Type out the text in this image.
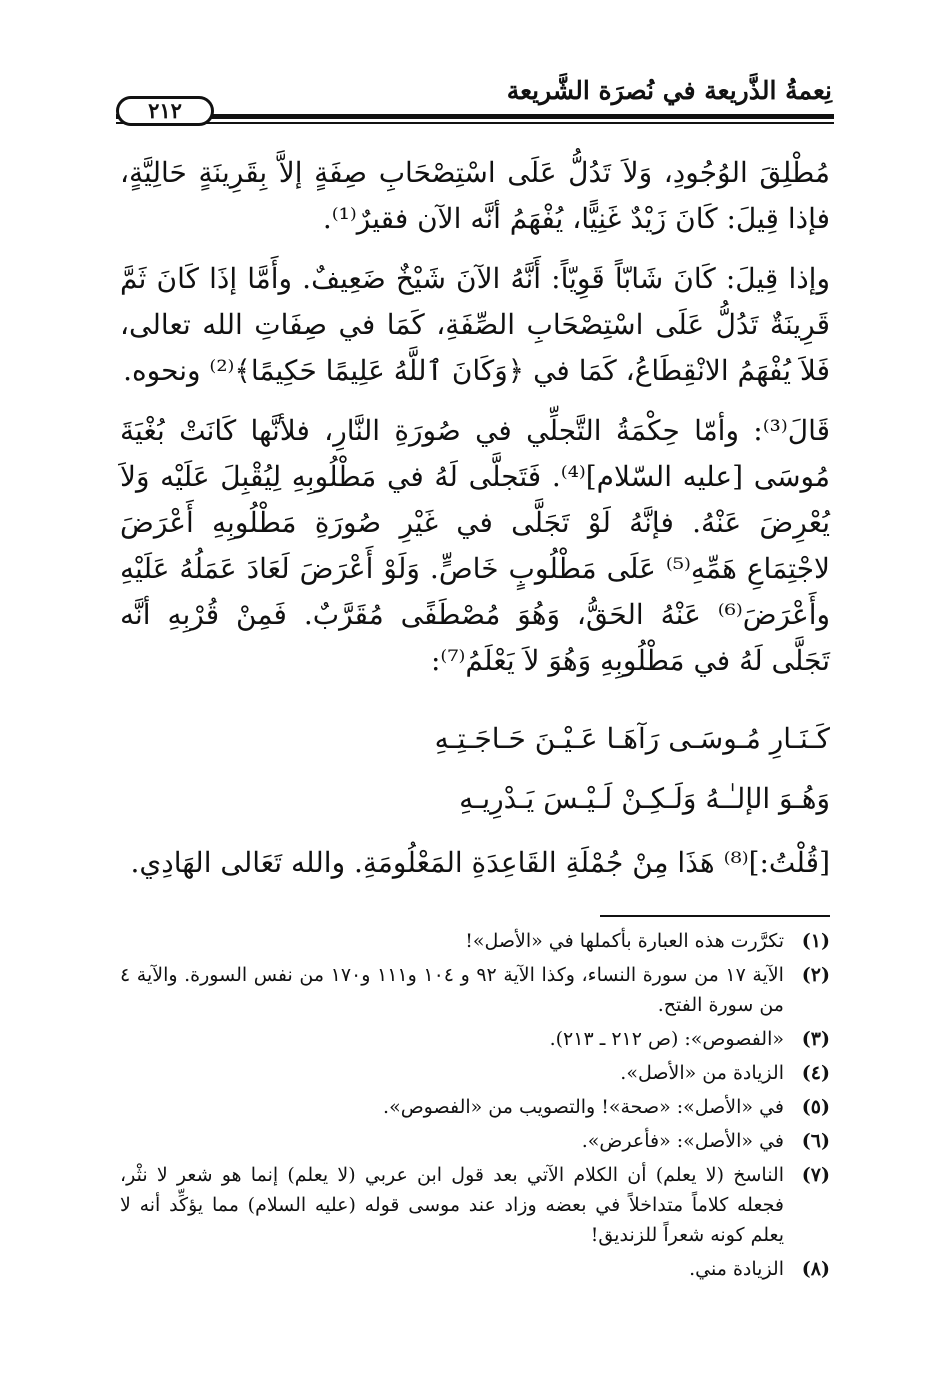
نِعمةُ الذَّريعة في نُصرَة الشَّريعة
٢١٢

مُطْلِقَ الوُجُودِ، وَلاَ تَدُلُّ عَلَى اسْتِصْحَابِ صِفَةٍ إلاَّ بِقَرِينَةٍ حَالِيَّةٍ، فإذا قِيلَ: كَانَ زَيْدٌ غَنِيًّا، يُفْهَمُ أنَّه الآن فقيرٌ⁽¹⁾.

وإذا قِيلَ: كَانَ شَابّاً قَوِيّاً: أَنَّهُ الآنَ شَيْخٌ ضَعِيفٌ. وأَمَّا إذَا كَانَ ثَمَّ قَرِينَةٌ تَدُلُّ عَلَى اسْتِصْحَابِ الصِّفَةِ، كَمَا في صِفَاتِ الله تعالى، فَلاَ يُفْهَمُ الانْقِطَاعُ، كَمَا في ﴿وَكَانَ ٱللَّهُ عَلِيمًا حَكِيمًا﴾⁽²⁾ ونحوه.

قَالَ⁽³⁾: وأمّا حِكْمَةُ التَّجلِّي في صُورَةِ النَّارِ، فلأنَّها كَانَتْ بُغْيَةَ مُوسَى [عليه السّلام]⁽⁴⁾. فَتَجلَّى لَهُ في مَطْلُوبِهِ لِيُقْبِلَ عَلَيْه وَلاَ يُعْرِضَ عَنْهُ. فإنَّهُ لَوْ تَجَلَّى في غَيْرِ صُورَةِ مَطْلُوبِهِ أَعْرَضَ لاجْتِمَاعِ هَمِّهِ⁽⁵⁾ عَلَى مَطْلُوبٍ خَاصٍّ. وَلَوْ أَعْرَضَ لَعَادَ عَمَلُهُ عَلَيْهِ وأَعْرَضَ⁽⁶⁾ عَنْهُ الحَقُّ، وَهُوَ مُصْطَفًى مُقَرَّبٌ. فَمِنْ قُرْبِهِ أنَّه تَجَلَّى لَهُ في مَطْلُوبِهِ وَهُوَ لاَ يَعْلَمُ⁽⁷⁾:

كَـنَـارِ مُـوسَـى رَآهَـا عَـيْـنَ حَـاجَـتِـهِ
وَهُـوَ الإلـٰـهُ وَلَـكِـنْ لَـيْـسَ يَـدْرِيـهِ
[قُلْتُ:]⁽⁸⁾ هَذَا مِنْ جُمْلَةِ القَاعِدَةِ المَعْلُومَةِ. والله تَعَالى الهَادِي.
(١)
تكرَّرت هذه العبارة بأكملها في «الأصل»!
(٢)
الآية ١٧ من سورة النساء، وكذا الآية ٩٢ و ١٠٤ و١١١ و١٧٠ من نفس السورة. والآية ٤ من سورة الفتح.
(٣)
«الفصوص»: (ص ٢١٢ ـ ٢١٣).
(٤)
الزيادة من «الأصل».
(٥)
في «الأصل»: «صحة»! والتصويب من «الفصوص».
(٦)
في «الأصل»: «فأعرض».
(٧)
الناسخ (لا يعلم) أن الكلام الآتي بعد قول ابن عربي (لا يعلم) إنما هو شعر لا نثْر، فجعله كلاماً متداخلاً في بعضه وزاد عند موسى قوله (عليه السلام) مما يؤكِّد أنه لا يعلم كونه شعراً للزنديق!
(٨)
الزيادة مني.
